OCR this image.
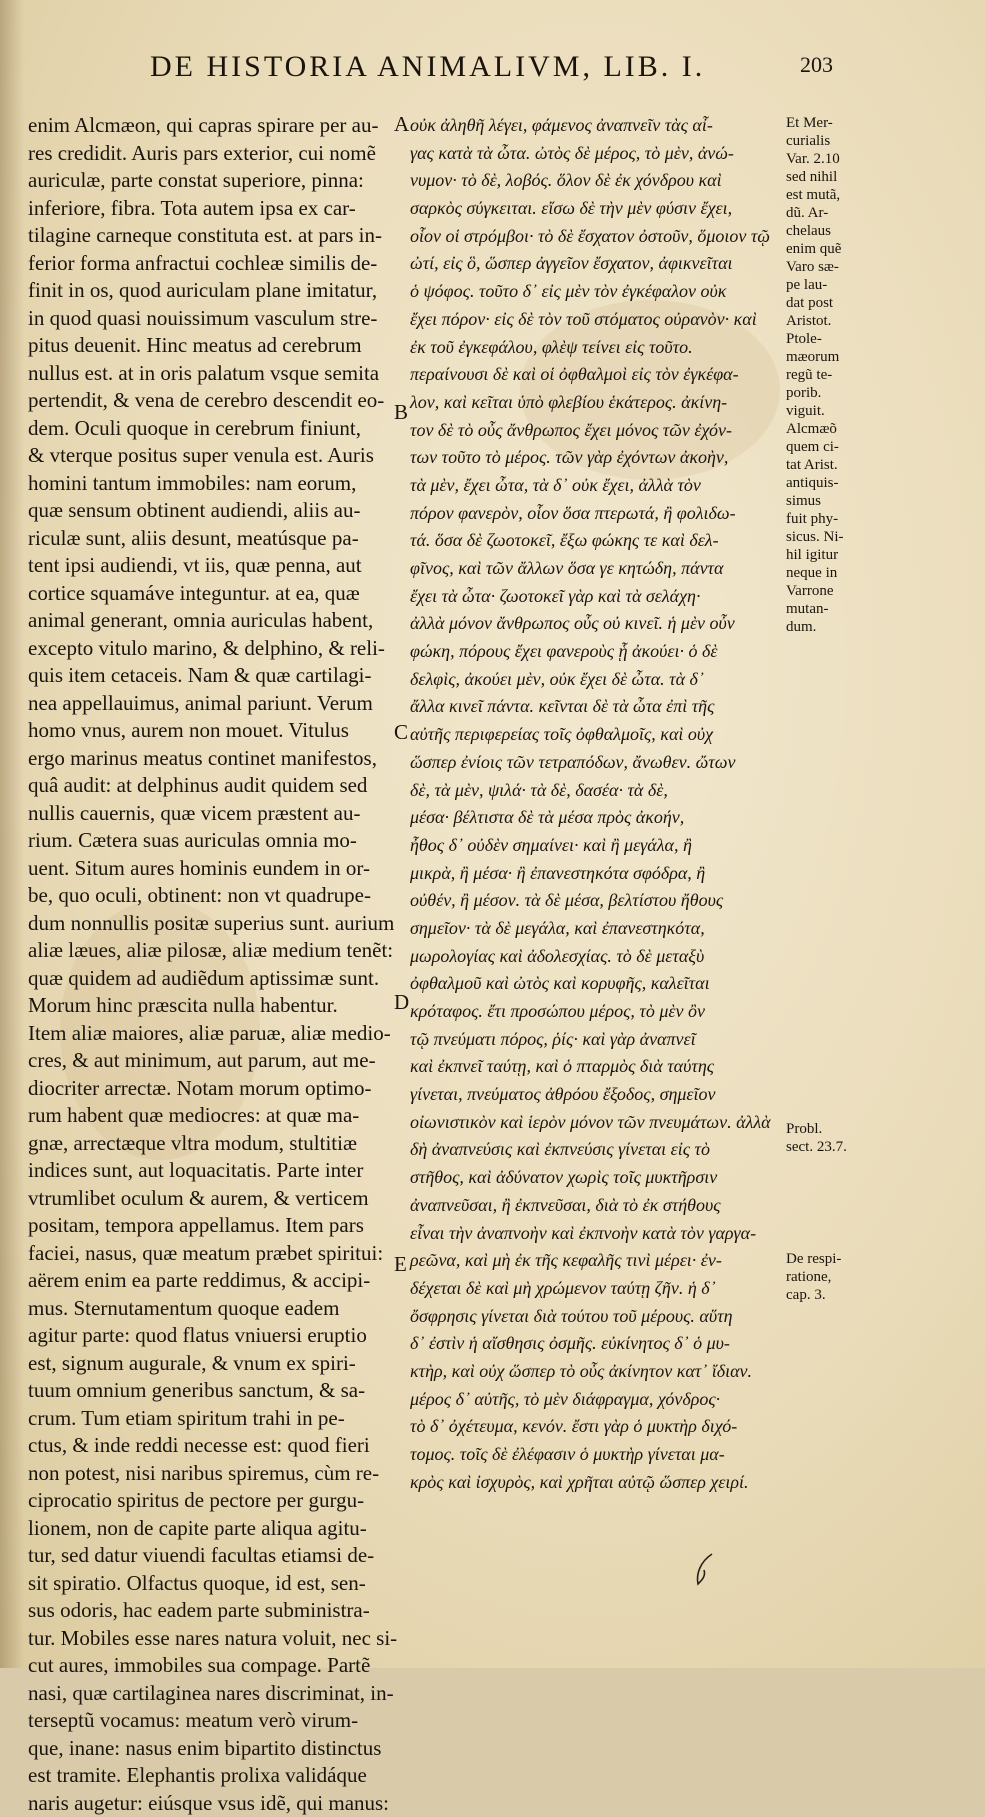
DE HISTORIA ANIMALIVM, LIB. I.	203
enim Alcmæon, qui capras spirare per au-
res credidit. Auris pars exterior, cui nomẽ
auriculæ, parte constat superiore, pinna:
inferiore, fibra. Tota autem ipsa ex car-
tilagine carneque constituta est. at pars in-
ferior forma anfractui cochleæ similis de-
finit in os, quod auriculam plane imitatur,
in quod quasi nouissimum vasculum stre-
pitus deuenit. Hinc meatus ad cerebrum
nullus est. at in oris palatum vsque semita
pertendit, & vena de cerebro descendit eo-
dem. Oculi quoque in cerebrum finiunt,
& vterque positus super venula est. Auris
homini tantum immobiles: nam eorum,
quæ sensum obtinent audiendi, aliis au-
riculæ sunt, aliis desunt, meatúsque pa-
tent ipsi audiendi, vt iis, quæ penna, aut
cortice squamáve integuntur. at ea, quæ
animal generant, omnia auriculas habent,
excepto vitulo marino, & delphino, & reli-
quis item cetaceis. Nam & quæ cartilagi-
nea appellauimus, animal pariunt. Verum
homo vnus, aurem non mouet. Vitulus
ergo marinus meatus continet manifestos,
quâ audit: at delphinus audit quidem sed
nullis cauernis, quæ vicem præstent au-
rium. Cætera suas auriculas omnia mo-
uent. Situm aures hominis eundem in or-
be, quo oculi, obtinent: non vt quadrupe-
dum nonnullis positæ superius sunt. aurium
aliæ læues, aliæ pilosæ, aliæ medium tenẽt:
quæ quidem ad audiẽdum aptissimæ sunt.
Morum hinc præscita nulla habentur.
Item aliæ maiores, aliæ paruæ, aliæ medio-
cres, & aut minimum, aut parum, aut me-
diocriter arrectæ. Notam morum optimo-
rum habent quæ mediocres: at quæ ma-
gnæ, arrectæque vltra modum, stultitiæ
indices sunt, aut loquacitatis. Parte inter
vtrumlibet oculum & aurem, & verticem
positam, tempora appellamus. Item pars
faciei, nasus, quæ meatum præbet spiritui:
aërem enim ea parte reddimus, & accipi-
mus. Sternutamentum quoque eadem
agitur parte: quod flatus vniuersi eruptio
est, signum augurale, & vnum ex spiri-
tuum omnium generibus sanctum, & sa-
crum. Tum etiam spiritum trahi in pe-
ctus, & inde reddi necesse est: quod fieri
non potest, nisi naribus spiremus, cùm re-
ciprocatio spiritus de pectore per gurgu-
lionem, non de capite parte aliqua agitu-
tur, sed datur viuendi facultas etiamsi de-
sit spiratio. Olfactus quoque, id est, sen-
sus odoris, hac eadem parte subministra-
tur. Mobiles esse nares natura voluit, nec si-
cut aures, immobiles sua compage. Partẽ
nasi, quæ cartilaginea nares discriminat, in-
terseptũ vocamus: meatum verò virum-
que, inane: nasus enim bipartito distinctus
est tramite. Elephantis prolixa validáque
naris augetur: eiúsque vsus idẽ, qui manus:
A
B
C
D
E
οὐκ ἀληθῆ λέγει, φάμενος ἀναπνεῖν τὰς αἶ-
γας κατὰ τὰ ὦτα. ὠτὸς δὲ μέρος, τὸ μὲν, ἀνώ-
νυμον· τὸ δὲ, λοβός. ὅλον δὲ ἐκ χόνδρου καὶ
σαρκὸς σύγκειται. εἴσω δὲ τὴν μὲν φύσιν ἔχει,
οἷον οἱ στρόμβοι· τὸ δὲ ἔσχατον ὀστοῦν, ὅμοιον τῷ
ὠτί, εἰς ὃ, ὥσπερ ἀγγεῖον ἔσχατον, ἀφικνεῖται
ὁ ψόφος. τοῦτο δ᾽ εἰς μὲν τὸν ἐγκέφαλον οὐκ
ἔχει πόρον· εἰς δὲ τὸν τοῦ στόματος οὐρανὸν· καὶ
ἐκ τοῦ ἐγκεφάλου, φλὲψ τείνει εἰς τοῦτο.
περαίνουσι δὲ καὶ οἱ ὀφθαλμοὶ εἰς τὸν ἐγκέφα-
λον, καὶ κεῖται ὑπὸ φλεβίου ἑκάτερος. ἀκίνη-
τον δὲ τὸ οὖς ἄνθρωπος ἔχει μόνος τῶν ἐχόν-
των τοῦτο τὸ μέρος. τῶν γὰρ ἐχόντων ἀκοὴν,
τὰ μὲν, ἔχει ὦτα, τὰ δ᾽ οὐκ ἔχει, ἀλλὰ τὸν
πόρον φανερὸν, οἷον ὅσα πτερωτά, ἢ φολιδω-
τά. ὅσα δὲ ζωοτοκεῖ, ἔξω φώκης τε καὶ δελ-
φῖνος, καὶ τῶν ἄλλων ὅσα γε κητώδη, πάντα
ἔχει τὰ ὦτα· ζωοτοκεῖ γὰρ καὶ τὰ σελάχη·
ἀλλὰ μόνον ἄνθρωπος οὖς οὐ κινεῖ. ἡ μὲν οὖν
φώκη, πόρους ἔχει φανεροὺς ᾗ ἀκούει· ὁ δὲ
δελφὶς, ἀκούει μὲν, οὐκ ἔχει δὲ ὦτα. τὰ δ᾽
ἄλλα κινεῖ πάντα. κεῖνται δὲ τὰ ὦτα ἐπὶ τῆς
αὐτῆς περιφερείας τοῖς ὀφθαλμοῖς, καὶ οὐχ
ὥσπερ ἐνίοις τῶν τετραπόδων, ἄνωθεν. ὤτων
δὲ, τὰ μὲν, ψιλά· τὰ δὲ, δασέα· τὰ δὲ,
μέσα· βέλτιστα δὲ τὰ μέσα πρὸς ἀκοήν,
ἦθος δ᾽ οὐδὲν σημαίνει· καὶ ἢ μεγάλα, ἢ
μικρὰ, ἢ μέσα· ἢ ἐπανεστηκότα σφόδρα, ἢ
οὐθέν, ἢ μέσον. τὰ δὲ μέσα, βελτίστου ἤθους
σημεῖον· τὰ δὲ μεγάλα, καὶ ἐπανεστηκότα,
μωρολογίας καὶ ἀδολεσχίας. τὸ δὲ μεταξὺ
ὀφθαλμοῦ καὶ ὠτὸς καὶ κορυφῆς, καλεῖται
κρόταφος. ἔτι προσώπου μέρος, τὸ μὲν ὂν
τῷ πνεύματι πόρος, ῥίς· καὶ γὰρ ἀναπνεῖ
καὶ ἐκπνεῖ ταύτῃ, καὶ ὁ πταρμὸς διὰ ταύτης
γίνεται, πνεύματος ἀθρόου ἔξοδος, σημεῖον
οἰωνιστικὸν καὶ ἱερὸν μόνον τῶν πνευμάτων. ἀλλὰ
δὴ ἀναπνεύσις καὶ ἐκπνεύσις γίνεται εἰς τὸ
στῆθος, καὶ ἀδύνατον χωρὶς τοῖς μυκτῆρσιν
ἀναπνεῦσαι, ἢ ἐκπνεῦσαι, διὰ τὸ ἐκ στήθους
εἶναι τὴν ἀναπνοὴν καὶ ἐκπνοὴν κατὰ τὸν γαργα-
ρεῶνα, καὶ μὴ ἐκ τῆς κεφαλῆς τινὶ μέρει· ἐν-
δέχεται δὲ καὶ μὴ χρώμενον ταύτῃ ζῆν. ἡ δ᾽
ὄσφρησις γίνεται διὰ τούτου τοῦ μέρους. αὕτη
δ᾽ ἐστὶν ἡ αἴσθησις ὀσμῆς. εὐκίνητος δ᾽ ὁ μυ-
κτὴρ, καὶ οὐχ ὥσπερ τὸ οὖς ἀκίνητον κατ᾽ ἴδιαν.
μέρος δ᾽ αὐτῆς, τὸ μὲν διάφραγμα, χόνδρος·
τὸ δ᾽ ὀχέτευμα, κενόν. ἔστι γὰρ ὁ μυκτὴρ διχό-
τομος. τοῖς δὲ ἐλέφασιν ὁ μυκτὴρ γίνεται μα-
κρὸς καὶ ἰσχυρὸς, καὶ χρῆται αὐτῷ ὥσπερ χειρί.
Et Mer-
curialis
Var. 2.10
sed nihil
est mutã,
dũ. Ar-
chelaus
enim quẽ
Varo sæ-
pe lau-
dat post
Aristot.
Ptole-
mæorum
regũ te-
porib.
viguit.
Alcmæõ
quem ci-
tat Arist.
antiquis-
simus
fuit phy-
sicus. Ni-
hil igitur
neque in
Varrone
mutan-
dum.
Probl.
sect. 23.7.
De respi-
ratione,
cap. 3.
